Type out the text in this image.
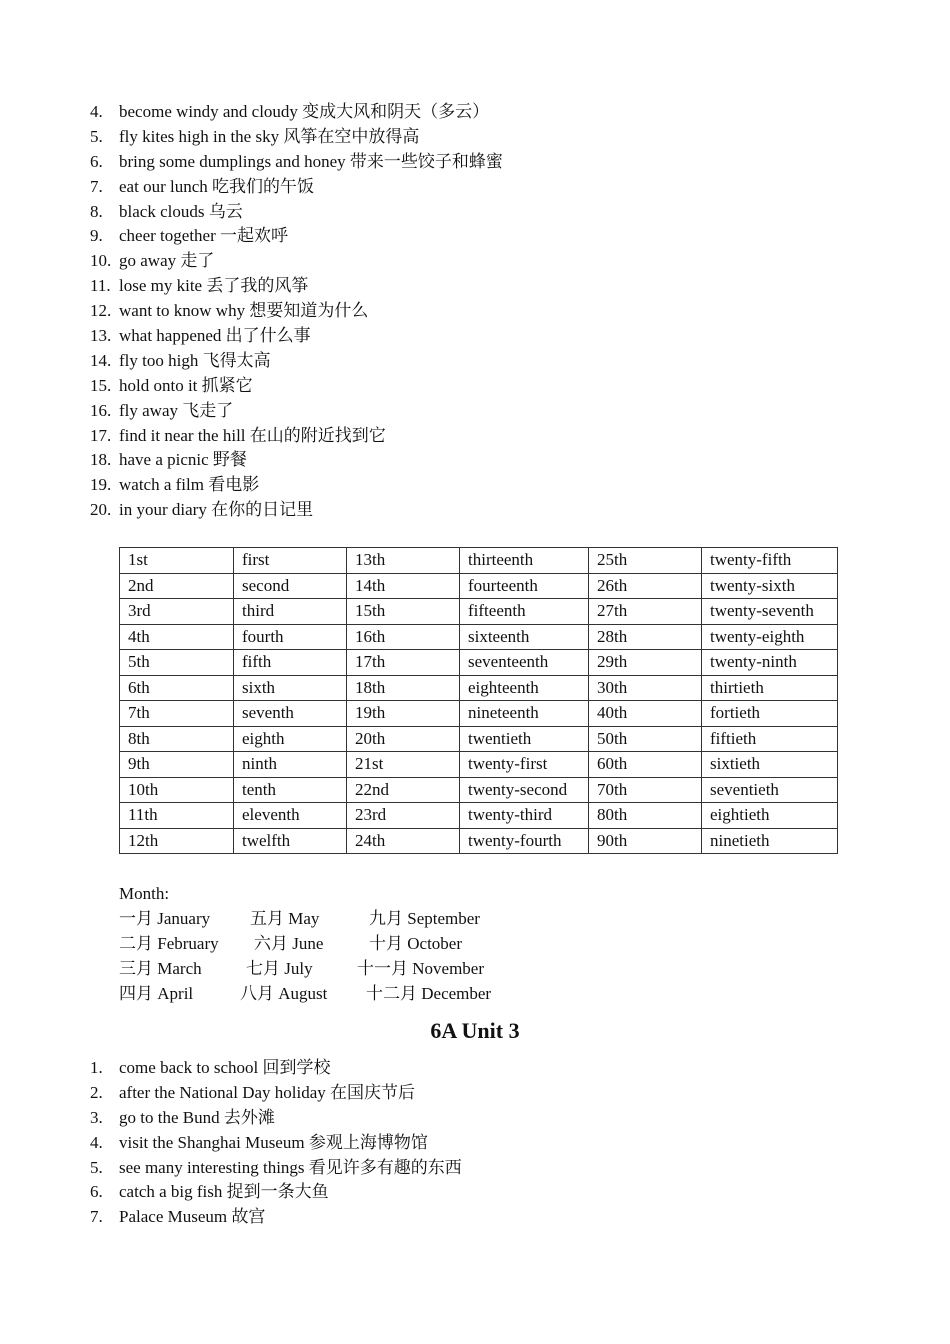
4. become windy and cloudy 变成大风和阴天（多云）
5. fly kites high in the sky 风筝在空中放得高
6. bring some dumplings and honey 带来一些饺子和蜂蜜
7. eat our lunch 吃我们的午饭
8. black clouds 乌云
9. cheer together 一起欢呼
10. go away 走了
11. lose my kite 丢了我的风筝
12. want to know why 想要知道为什么
13. what happened 出了什么事
14. fly too high 飞得太高
15. hold onto it 抓紧它
16. fly away 飞走了
17. find it near the hill 在山的附近找到它
18. have a picnic 野餐
19. watch a film 看电影
20. in your diary 在你的日记里
1st	first	13th	thirteenth	25th	twenty-fifth
2nd	second	14th	fourteenth	26th	twenty-sixth
3rd	third	15th	fifteenth	27th	twenty-seventh
4th	fourth	16th	sixteenth	28th	twenty-eighth
5th	fifth	17th	seventeenth	29th	twenty-ninth
6th	sixth	18th	eighteenth	30th	thirtieth
7th	seventh	19th	nineteenth	40th	fortieth
8th	eighth	20th	twentieth	50th	fiftieth
9th	ninth	21st	twenty-first	60th	sixtieth
10th	tenth	22nd	twenty-second	70th	seventieth
11th	eleventh	23rd	twenty-third	80th	eightieth
12th	twelfth	24th	twenty-fourth	90th	ninetieth
Month:
一月 January 五月 May	九月 September
二月 February 六月 June	十月 October
三月 March	七月 July	十一月 November
四月 April	八月 August 十二月 December
6A Unit 3
1. come back to school 回到学校
2. after the National Day holiday 在国庆节后
3. go to the Bund 去外滩
4. visit the Shanghai Museum 参观上海博物馆
5. see many interesting things 看见许多有趣的东西
6. catch a big fish 捉到一条大鱼
7. Palace Museum 故宫
